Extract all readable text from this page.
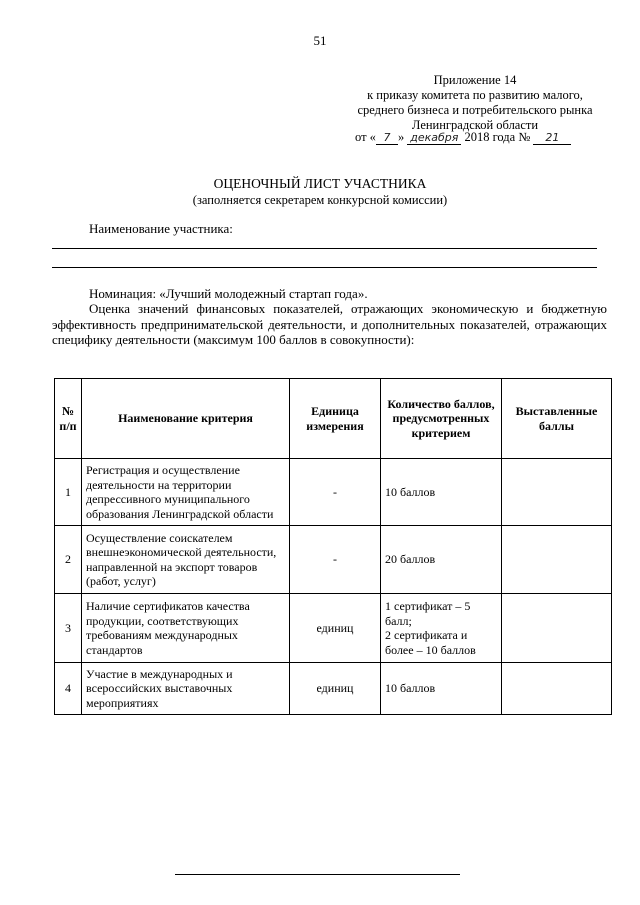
51
Приложение 14
к приказу комитета по развитию малого,
среднего бизнеса и потребительского рынка
Ленинградской области
от « 7 » декабря 2018 года № 21
ОЦЕНОЧНЫЙ ЛИСТ УЧАСТНИКА
(заполняется секретарем конкурсной комиссии)
Наименование участника:
Номинация: «Лучший молодежный стартап года».
Оценка значений финансовых показателей, отражающих экономическую и бюджетную эффективность предпринимательской деятельности, и дополнительных показателей, отражающих специфику деятельности (максимум 100 баллов в совокупности):
№ п/п	Наименование критерия	Единица измерения	Количество баллов, предусмотренных критерием	Выставленные баллы
1	Регистрация и осуществление деятельности на территории депрессивного муниципального образования Ленинградской области	-	10 баллов	
2	Осуществление соискателем внешнеэкономической деятельности, направленной на экспорт товаров (работ, услуг)	-	20 баллов	
3	Наличие сертификатов качества продукции, соответствующих требованиям международных стандартов	единиц	1 сертификат – 5 балл;
2 сертификата и более – 10 баллов	
4	Участие в международных и всероссийских выставочных мероприятиях	единиц	10 баллов	
